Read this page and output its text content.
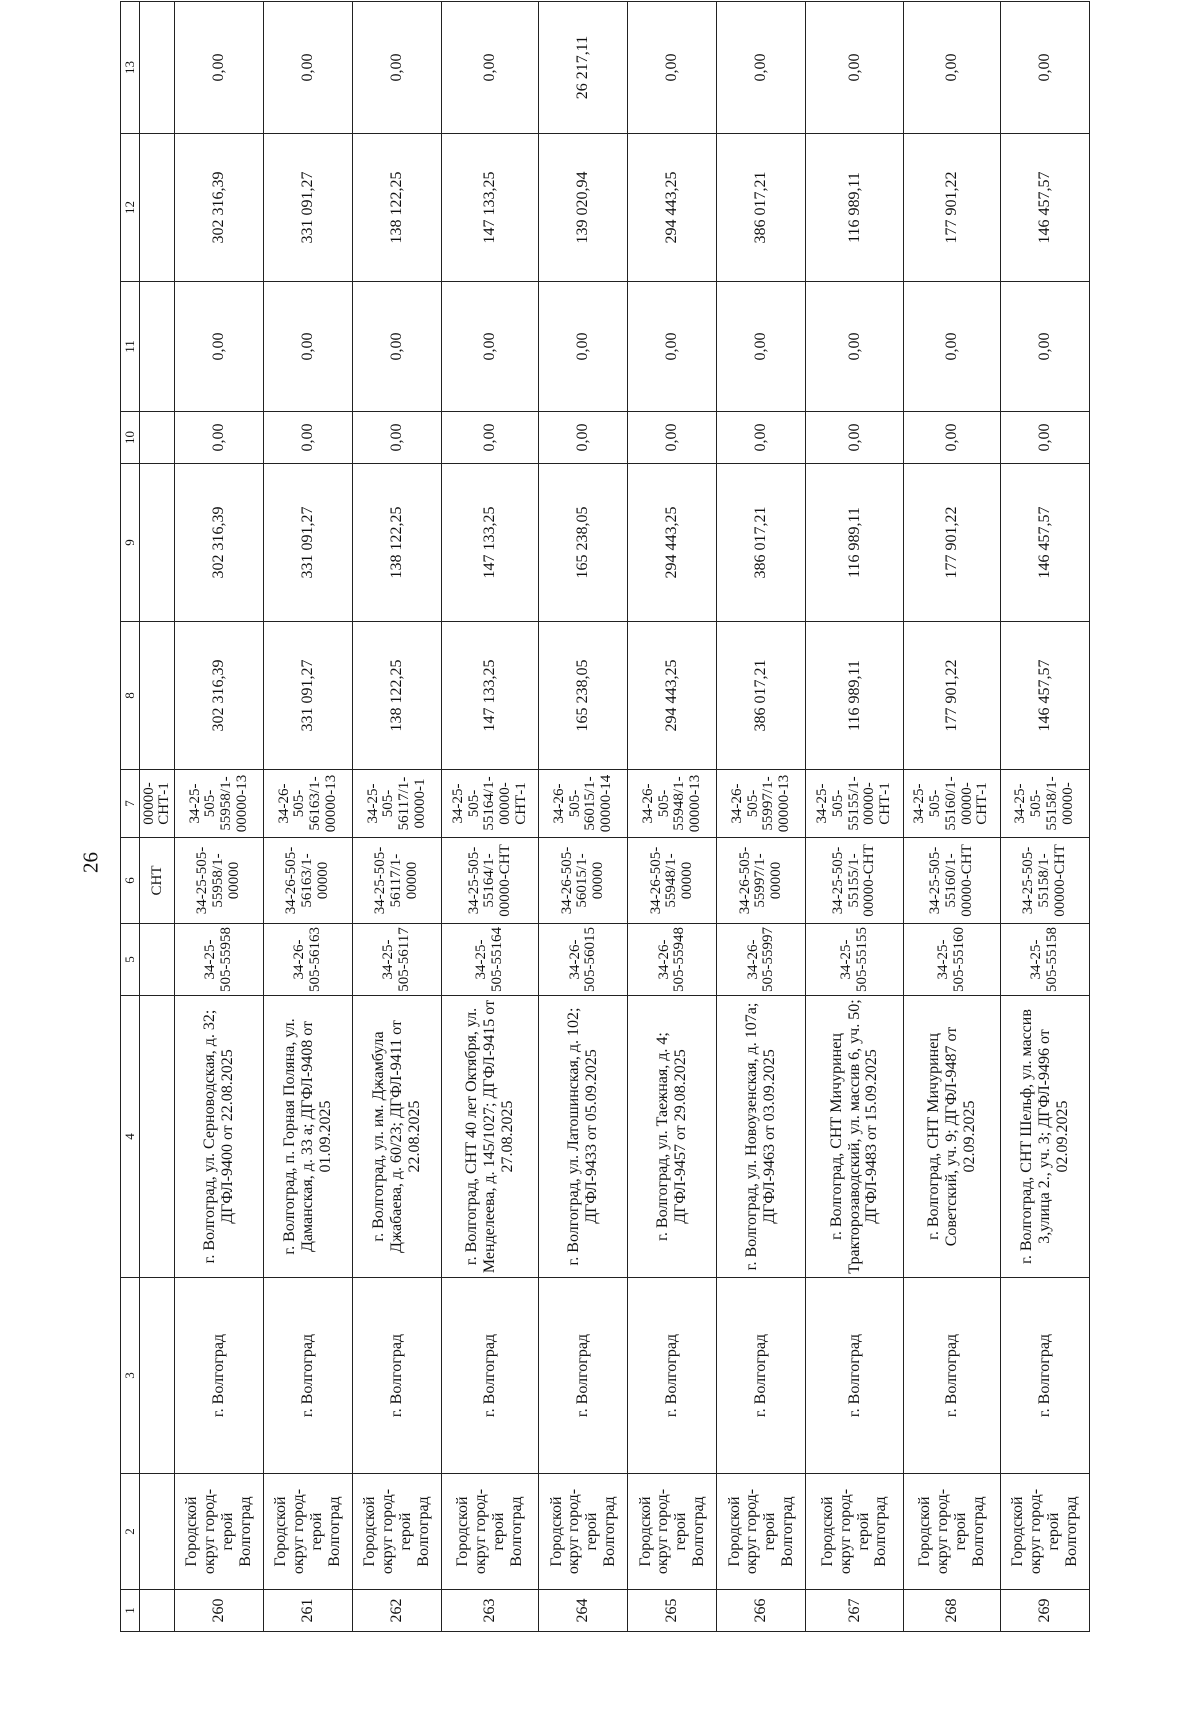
26
1	2	3	4	5	6	7	8	9	10	11	12	13
					СНТ	00000-СНТ-1						
260	Городской округ город-герой Волгоград	г. Волгоград	г. Волгоград, ул. Серноводская, д. 32; ДГФЛ-9400 от 22.08.2025	34-25-505-55958	34-25-505-55958/1-00000	34-25-505-55958/1-00000-13	302 316,39	302 316,39	0,00	0,00	302 316,39	0,00
261	Городской округ город-герой Волгоград	г. Волгоград	г. Волгоград, п. Горная Поляна, ул. Даманская, д. 33 а; ДГФЛ-9408 от 01.09.2025	34-26-505-56163	34-26-505-56163/1-00000	34-26-505-56163/1-00000-13	331 091,27	331 091,27	0,00	0,00	331 091,27	0,00
262	Городской округ город-герой Волгоград	г. Волгоград	г. Волгоград, ул. им. Джамбула Джабаева, д. 60/23; ДГФЛ-9411 от 22.08.2025	34-25-505-56117	34-25-505-56117/1-00000	34-25-505-56117/1-00000-1	138 122,25	138 122,25	0,00	0,00	138 122,25	0,00
263	Городской округ город-герой Волгоград	г. Волгоград	г. Волгоград, СНТ 40 лет Октября, ул. Менделеева, д. 145/1027; ДГФЛ-9415 от 27.08.2025	34-25-505-55164	34-25-505-55164/1-00000-СНТ	34-25-505-55164/1-00000-СНТ-1	147 133,25	147 133,25	0,00	0,00	147 133,25	0,00
264	Городской округ город-герой Волгоград	г. Волгоград	г. Волгоград, ул. Латошинская, д. 102; ДГФЛ-9433 от 05.09.2025	34-26-505-56015	34-26-505-56015/1-00000	34-26-505-56015/1-00000-14	165 238,05	165 238,05	0,00	0,00	139 020,94	26 217,11
265	Городской округ город-герой Волгоград	г. Волгоград	г. Волгоград, ул. Таежная, д. 4; ДГФЛ-9457 от 29.08.2025	34-26-505-55948	34-26-505-55948/1-00000	34-26-505-55948/1-00000-13	294 443,25	294 443,25	0,00	0,00	294 443,25	0,00
266	Городской округ город-герой Волгоград	г. Волгоград	г. Волгоград, ул. Новоузенская, д. 107а; ДГФЛ-9463 от 03.09.2025	34-26-505-55997	34-26-505-55997/1-00000	34-26-505-55997/1-00000-13	386 017,21	386 017,21	0,00	0,00	386 017,21	0,00
267	Городской округ город-герой Волгоград	г. Волгоград	г. Волгоград, СНТ Мичуринец Тракторозаводский, ул. массив 6, уч. 50; ДГФЛ-9483 от 15.09.2025	34-25-505-55155	34-25-505-55155/1-00000-СНТ	34-25-505-55155/1-00000-СНТ-1	116 989,11	116 989,11	0,00	0,00	116 989,11	0,00
268	Городской округ город-герой Волгоград	г. Волгоград	г. Волгоград, СНТ Мичуринец Советский, уч. 9; ДГФЛ-9487 от 02.09.2025	34-25-505-55160	34-25-505-55160/1-00000-СНТ	34-25-505-55160/1-00000-СНТ-1	177 901,22	177 901,22	0,00	0,00	177 901,22	0,00
269	Городской округ город-герой Волгоград	г. Волгоград	г. Волгоград, СНТ Шельф, ул. массив 3,улица 2., уч. 3; ДГФЛ-9496 от 02.09.2025	34-25-505-55158	34-25-505-55158/1-00000-СНТ	34-25-505-55158/1-00000-	146 457,57	146 457,57	0,00	0,00	146 457,57	0,00
